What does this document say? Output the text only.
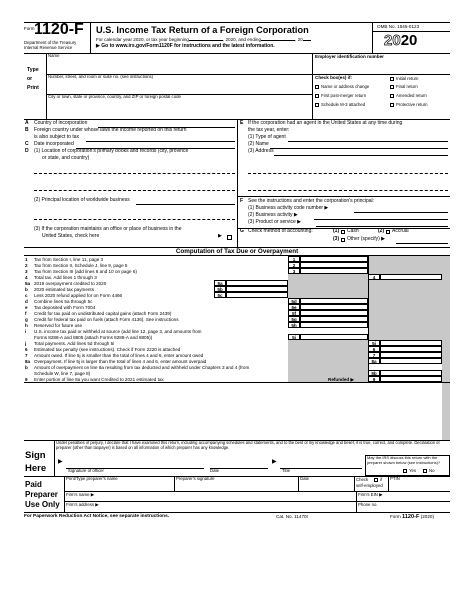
Form 1120-F
Department of the Treasury
Internal Revenue Service
U.S. Income Tax Return of a Foreign Corporation
For calendar year 2020, or tax year beginning	, 2020, and ending	, 20
▶ Go to www.irs.gov/Form1120F for instructions and the latest information.
OMB No. 1545-0123
2020
Type
or
Print
Name
Number, street, and room or suite no. (see instructions)
City or town, state or province, country, and ZIP or foreign postal code
Employer identification number
Check box(es) if:	Initial return
Name or address change	Final return
First post-merger return	Amended return
Schedule M-3 attached	Protective return
A Country of incorporation
B Foreign country under whose laws the income reported on this return
is also subject to tax
C Date incorporated
D (1) Location of corporation's primary books and records (city, province
or state, and country)
(2) Principal location of worldwide business
(3) If the corporation maintains an office or place of business in the
United States, check here	▶
E If the corporation had an agent in the United States at any time during
the tax year, enter:
(1) Type of agent
(2) Name
(3) Address
F See the instructions and enter the corporation's principal:
(1) Business activity code number ▶
(2) Business activity ▶
(3) Product or service ▶
G Check method of accounting:	(1) Cash	(2) Accrual
(3) Other (specify) ▶
Computation of Tax Due or Overpayment
1 Tax from Section I, line 11, page 3	1
2 Tax from Section II, Schedule J, line 9, page 5	2
3 Tax from Section III (add lines 6 and 10 on page 6)	3
4 Total tax. Add lines 1 through 3	4
5a 2019 overpayment credited to 2020	5a
b 2020 estimated tax payments	5b
c Less 2020 refund applied for on Form 4466	5c
d Combine lines 5a through 5c	5d
e Tax deposited with Form 7004	5e
f Credit for tax paid on undistributed capital gains (attach Form 2439)	5f
g Credit for federal tax paid on fuels (attach Form 4136). See instructions	5g
h Reserved for future use	5h
i U.S. income tax paid or withheld at source (add line 12, page 3, and amounts from
Forms 8288-A and 8805 (attach Forms 8288-A and 8805))	5i
j Total payments. Add lines 5d through 5i	5j
6 Estimated tax penalty (see instructions). Check if Form 2220 is attached	6
7 Amount owed. If line 5j is smaller than the total of lines 4 and 6, enter amount owed	7
8a Overpayment. If line 5j is larger than the total of lines 4 and 6, enter amount overpaid	8a
b Amount of overpayment on line 8a resulting from tax deducted and withheld under Chapters 3 and 4 (from
Schedule W, line 7, page 8)	8b
9 Enter portion of line 8a you want Credited to 2021 estimated tax	Refunded ▶	9
Sign
Here
Under penalties of perjury, I declare that I have examined this return, including accompanying schedules and statements, and to the best of my knowledge and belief, it is true, correct, and complete. Declaration of preparer (other than taxpayer) is based on all information of which preparer has any knowledge.
▶	▶
Signature of officer	Date	Title
May the IRS discuss this return with the preparer shown below (see instructions)?
Yes	No
Paid
Preparer
Use Only
Print/Type preparer's name	Preparer's signature	Date	Check	if
self-employed
PTIN
Firm's name ▶	Firm's EIN ▶
Firm's address ▶	Phone no.
For Paperwork Reduction Act Notice, see separate instructions.	Cat. No. 11470I	Form 1120-F (2020)
